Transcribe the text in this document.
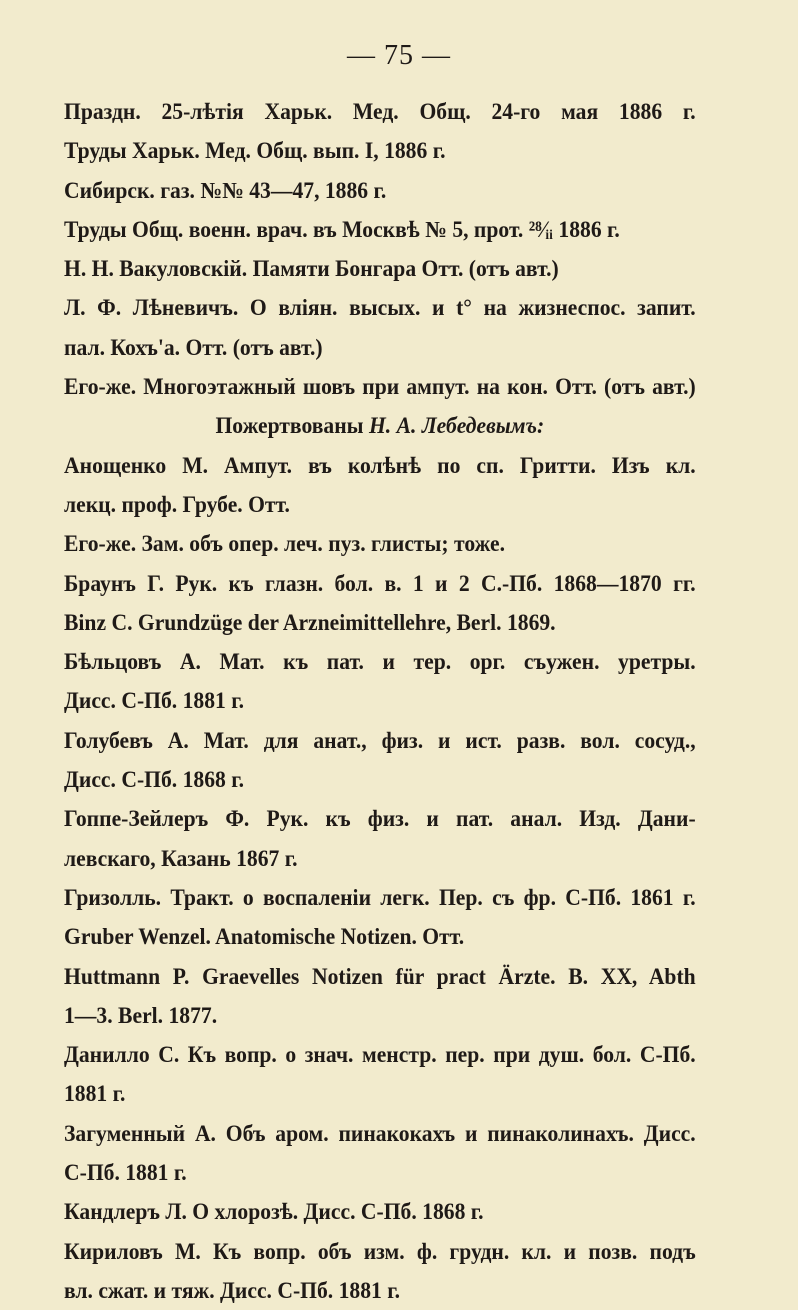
— 75 —
Праздн. 25-лѣтія Харьк. Мед. Общ. 24-го мая 1886 г.
Труды Харьк. Мед. Общ. вып. I, 1886 г.
Сибирск. газ. №№ 43—47, 1886 г.
Труды Общ. военн. врач. въ Москвѣ № 5, прот. ²⁸⁄ᵢᵢ 1886 г.
Н. Н. Вакуловскій. Памяти Бонгара Отт. (отъ авт.)
Л. Ф. Лѣневичъ. О вліян. высых. и t° на жизнеспос. запит.
пал. Кохъ'а. Отт. (отъ авт.)
Его-же. Многоэтажный шовъ при ампут. на кон. Отт. (отъ авт.)
Пожертвованы Н. А. Лебедевымъ:
Анощенко М. Ампут. въ колѣнѣ по сп. Гритти. Изъ кл.
лекц. проф. Грубе. Отт.
Его-же. Зам. объ опер. леч. пуз. глисты; тоже.
Браунъ Г. Рук. къ глазн. бол. в. 1 и 2 С.-Пб. 1868—1870 гг.
Binz C. Grundzüge der Arzneimittellehre, Berl. 1869.
Бѣльцовъ А. Мат. къ пат. и тер. орг. съужен. уретры.
Дисс. С-Пб. 1881 г.
Голубевъ А. Мат. для анат., физ. и ист. разв. вол. сосуд.,
Дисс. С-Пб. 1868 г.
Гоппе-Зейлеръ Ф. Рук. къ физ. и пат. анал. Изд. Дани-
левскаго, Казань 1867 г.
Гризолль. Тракт. о воспаленіи легк. Пер. съ фр. С-Пб. 1861 г.
Gruber Wenzel. Anatomische Notizen. Отт.
Huttmann P. Graevelles Notizen für pract Ärzte. B. XX, Abth
1—3. Berl. 1877.
Данилло С. Къ вопр. о знач. менстр. пер. при душ. бол. С-Пб.
1881 г.
Загуменный А. Объ аром. пинакокахъ и пинаколинахъ. Дисс.
С-Пб. 1881 г.
Кандлеръ Л. О хлорозѣ. Дисс. С-Пб. 1868 г.
Кириловъ М. Къ вопр. объ изм. ф. грудн. кл. и позв. подъ
вл. сжат. и тяж. Дисс. С-Пб. 1881 г.
